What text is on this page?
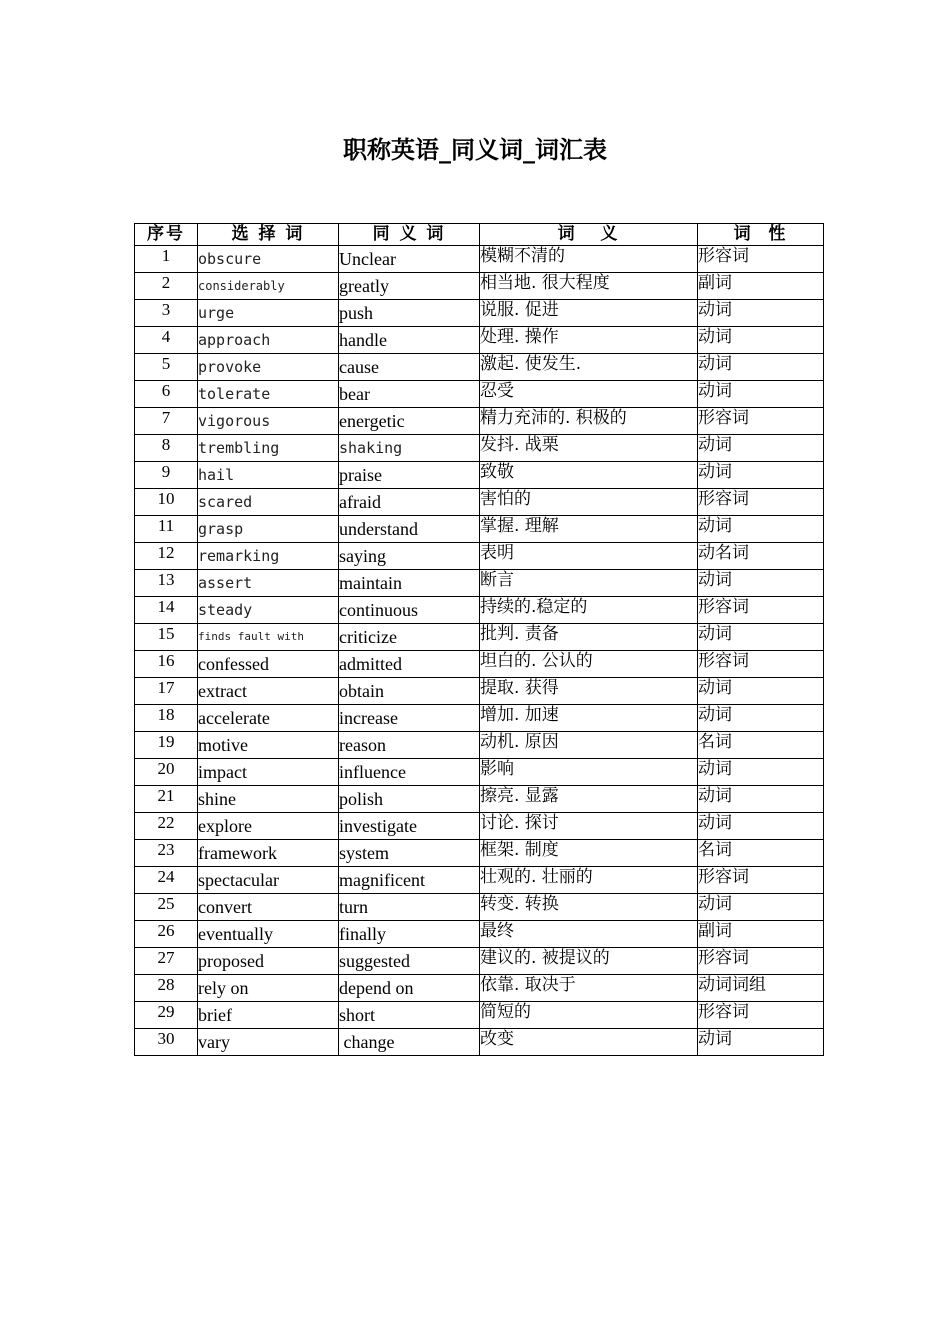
职称英语_同义词_词汇表
序号	选 择 词	同 义 词	词   义	词  性

1	obscure	Unclear	模糊不清的	形容词

2	considerably	greatly	相当地. 很大程度	副词

3	urge	push	说服. 促进	动词

4	approach	handle	处理. 操作	动词

5	provoke	cause	激起. 使发生.	动词

6	tolerate	bear	忍受	动词

7	vigorous	energetic	精力充沛的. 积极的	形容词

8	trembling	shaking	发抖. 战栗	动词

9	hail	praise	致敬	动词

10	scared	afraid	害怕的	形容词

11	grasp	understand	掌握. 理解	动词

12	remarking	saying	表明	动名词

13	assert	maintain	断言	动词

14	steady	continuous	持续的.稳定的	形容词

15	finds fault with	criticize	批判. 责备	动词

16	confessed	admitted	坦白的. 公认的	形容词

17	extract	obtain	提取. 获得	动词

18	accelerate	increase	增加. 加速	动词

19	motive	reason	动机. 原因	名词

20	impact	influence	影响	动词

21	shine	polish	擦亮. 显露	动词

22	explore	investigate	讨论. 探讨	动词

23	framework	system	框架. 制度	名词

24	spectacular	magnificent	壮观的. 壮丽的	形容词

25	convert	turn	转变. 转换	动词

26	eventually	finally	最终	副词

27	proposed	suggested	建议的. 被提议的	形容词

28	rely on	depend on	依靠. 取决于	动词词组

29	brief	short	简短的	形容词

30	vary	change	改变	动词
